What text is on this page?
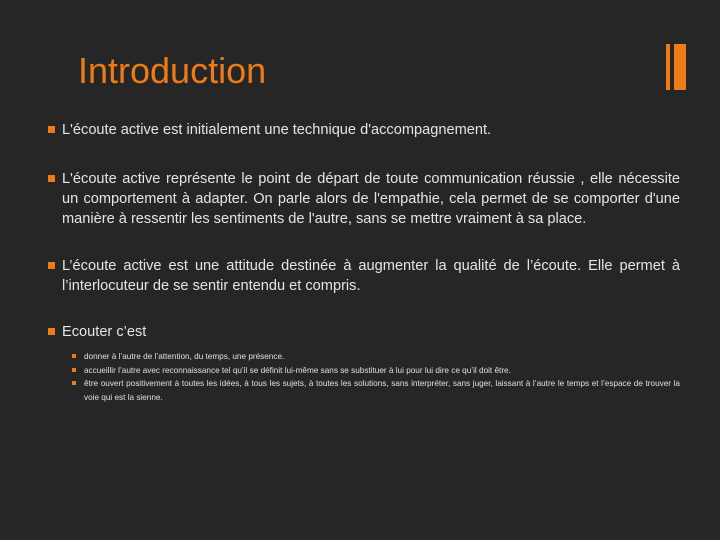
Introduction
L'écoute active est initialement une technique d'accompagnement.
L'écoute active représente le point de départ de toute communication réussie , elle nécessite un comportement à adapter. On parle alors de l'empathie, cela permet de se comporter d'une manière à ressentir les sentiments de l'autre, sans se mettre vraiment à sa place.
L’écoute active est une attitude destinée à augmenter la qualité de l’écoute. Elle permet à l’interlocuteur de se sentir entendu et compris.
Ecouter c’est
donner à l’autre de l’attention, du temps, une présence.
accueillir l’autre avec reconnaissance tel qu’il se définit lui-même sans se substituer à lui pour lui dire ce qu’il doit être.
être ouvert positivement à toutes les idées, à tous les sujets, à toutes les solutions, sans interpréter, sans juger, laissant à l’autre le temps et l’espace de trouver la voie qui est la sienne.
